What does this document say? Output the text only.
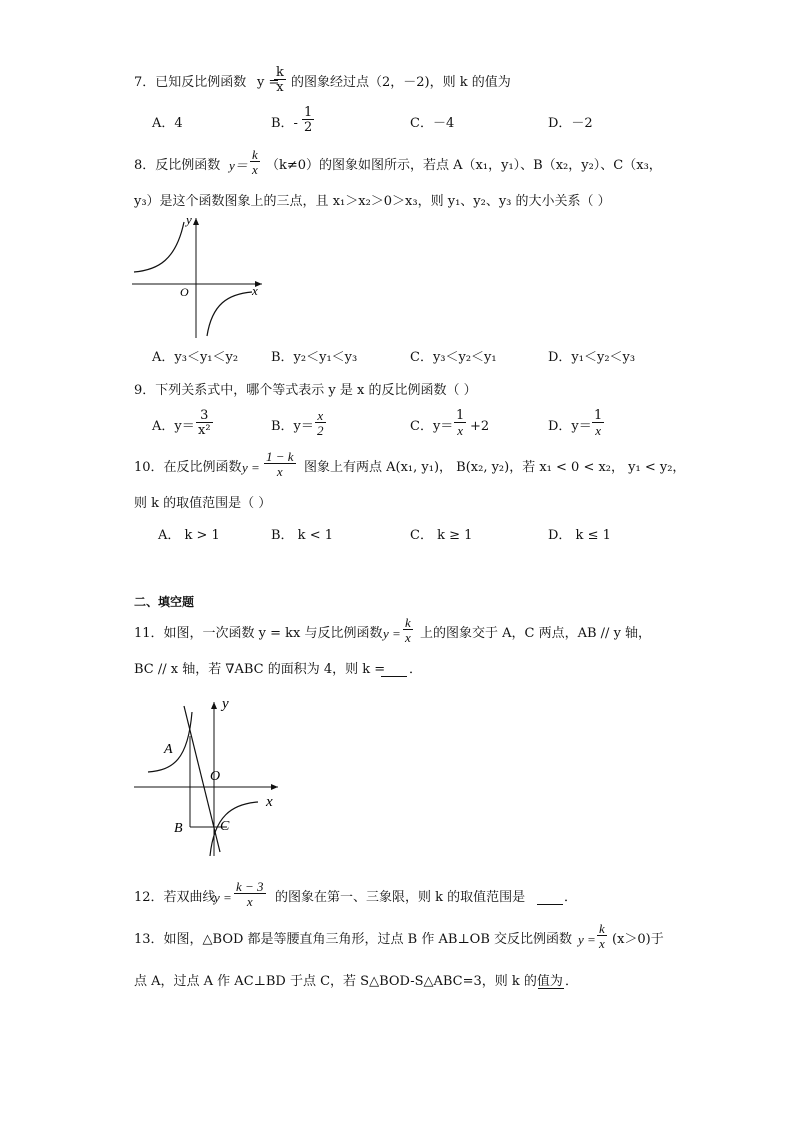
7．已知反比例函数 y =
$\frac{k}{x}$ 的图象经过点（2，－2)，则 k 的值为
A．4	B．- $\frac{1}{2}$	C．－4	D．－2
8．反比例函数 $y= \frac{k}{x} (k\ne 0)$的图象如图所示，若点 A（x₁，y₁）、B（x₂，y₂）、C（x₃，
y₃）是这个函数图象上的三点，且 x₁＞x₂＞0＞x₃，则 y₁、y₂、y₃ 的大小关系（ ）
y
x
O
A．y₃＜y₁＜y₂	B．y₂＜y₁＜y₃	C．y₃＜y₂＜y₁	D．y₁＜y₂＜y₃
9．下列关系式中，哪个等式表示 y 是 x 的反比例函数（ ）
A．$y= \frac{3}{\text{x²}}$	B．$y= \frac{x}{2}$	C．$y= \frac{1}{x} +2$	D．$y= \frac{1}{x}$
10．在反比例函数 $y = \frac{1 - k}{x}$ 图象上有两点 A(x₁, y₁)， B(x₂, y₂)，若 x₁ < 0 < x₂， y₁ < y₂，
则 k 的取值范围是（ ）
A． k > 1	B． k < 1	C． k ≥ 1	D． k ≤ 1
二、填空题
11．如图，一次函数 y = kx 与反比例函数 $y = \frac{k}{x}$ 上的图象交于 A，C 两点，AB // y 轴，
BC // x 轴，若 ∇ABC 的面积为 4，则 k = ．
y
x
O
A
B	C
12．若双曲线
$y = \frac{k - 3}{x}$ 的图象在第一、三象限，则 k 的取值范围是	．
13．如图，△BOD 都是等腰直角三角形，过点 B 作 AB⊥OB 交反比例函数 $y = \frac{k}{x} (x>0)$于
点 A，过点 A 作 AC⊥BD 于点 C，若 S△BOD-S△ABC=3，则 k 的值为 ．
